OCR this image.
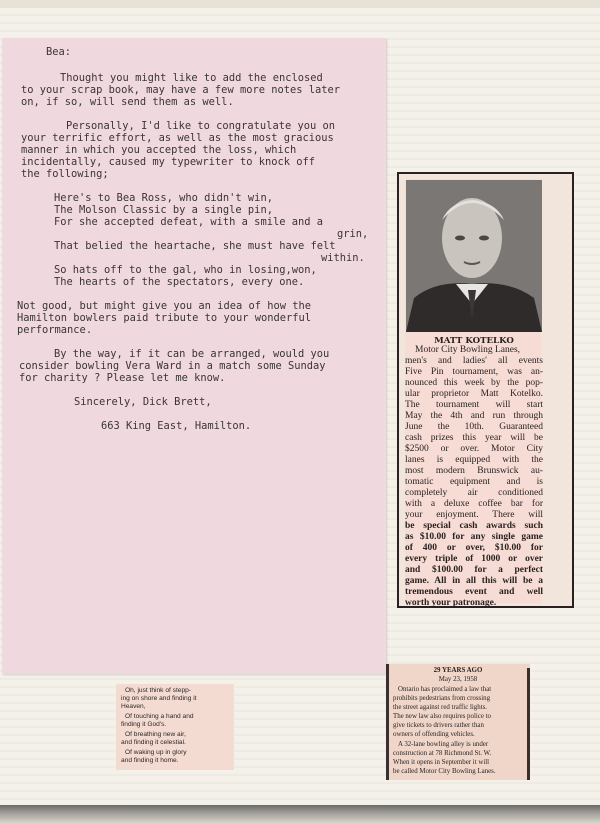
Bea:
Thought you might like to add the enclosed
to your scrap book, may have a few more notes later
on, if so, will send them as well.
Personally, I'd like to congratulate you on
your terrific effort, as well as the most gracious
manner in which you accepted the loss, which
incidentally, caused my typewriter to knock off
the following;
Here's to Bea Ross, who didn't win,
The Molson Classic by a single pin,
For she accepted defeat, with a smile and a
grin,
That belied the heartache, she must have felt
within.
So hats off to the gal, who in losing,won,
The hearts of the spectators, every one.
Not good, but might give you an idea of how the
Hamilton bowlers paid tribute to your wonderful
performance.
By the way, if it can be arranged, would you
consider bowling Vera Ward in a match some Sunday
for charity ? Please let me know.
Sincerely, Dick Brett,
663 King East, Hamilton.
MATT KOTELKO
Motor City Bowling Lanes,
men's and ladies' all events
Five Pin tournament, was an-
nounced this week by the pop-
ular proprietor Matt Kotelko.
The tournament will start
May the 4th and run through
June the 10th. Guaranteed
cash prizes this year will be
$2500 or over. Motor City
lanes is equipped with the
most modern Brunswick au-
tomatic equipment and is
completely air conditioned
with a deluxe coffee bar for
your enjoyment. There will
be special cash awards such
as $10.00 for any single game
of 400 or over, $10.00 for
every triple of 1000 or over
and $100.00 for a perfect
game. All in all this will be a
tremendous event and well
worth your patronage.
Oh, just think of stepp-
ing on shore and finding it
Heaven,
Of touching a hand and
finding it God's.
Of breathing new air,
and finding it celestial.
Of waking up in glory
and finding it home.
29 YEARS AGO
May 23, 1958
Ontario has proclaimed a law that
prohibits pedestrians from crossing
the street against red traffic lights.
The new law also requires police to
give tickets to drivers rather than
owners of offending vehicles.
A 32-lane bowling alley is under
construction at 78 Richmond St. W.
When it opens in September it will
be called Motor City Bowling Lanes.
